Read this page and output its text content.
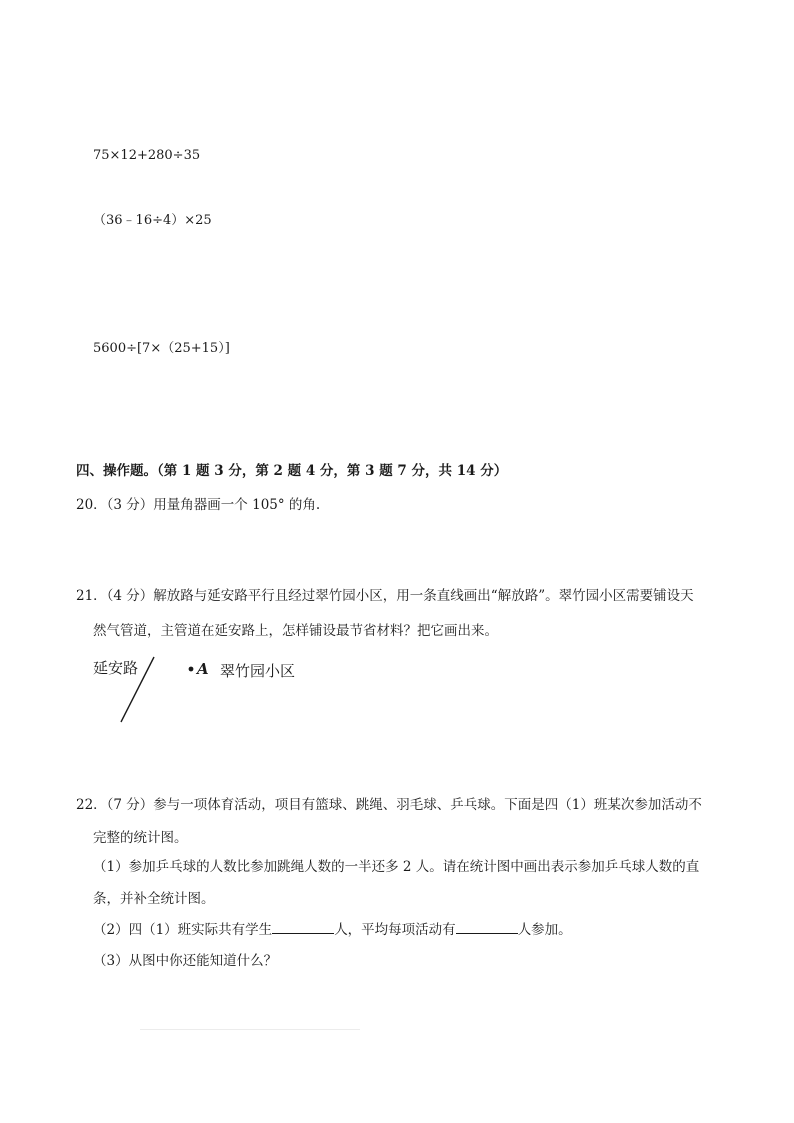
75×12+280÷35
（36﹣16÷4）×25
5600÷[7×（25+15）]
四、操作题。（第 1 题 3 分，第 2 题 4 分，第 3 题 7 分，共 14 分）
20．（3 分）用量角器画一个 105° 的角.
21．（4 分）解放路与延安路平行且经过翠竹园小区，用一条直线画出“解放路”。翠竹园小区需要铺设天
然气管道，主管道在延安路上，怎样铺设最节省材料？把它画出来。
延安路	A 翠竹园小区
22．（7 分）参与一项体育活动，项目有篮球、跳绳、羽毛球、乒乓球。下面是四（1）班某次参加活动不
完整的统计图。
（1）参加乒乓球的人数比参加跳绳人数的一半还多 2 人。请在统计图中画出表示参加乒乓球人数的直
条，并补全统计图。
（2）四（1）班实际共有学生	人，平均每项活动有	人参加。
（3）从图中你还能知道什么？
